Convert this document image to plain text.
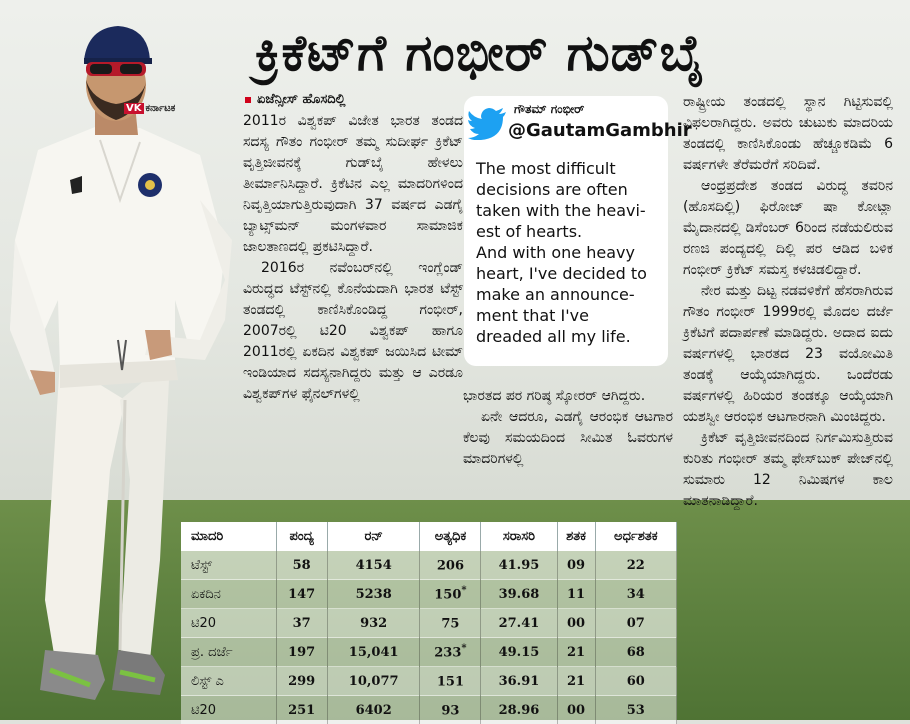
VK ಕರ್ನಾಟಕ
ಕ್ರಿಕೆಟ್‌ಗೆ ಗಂಭೀರ್ ಗುಡ್‌ಬೈ
ಏಜೆನ್ಸೀಸ್ ಹೊಸದಿಲ್ಲಿ

2011ರ ವಿಶ್ವಕಪ್ ವಿಜೇತ ಭಾರತ ತಂಡದ ಸದಸ್ಯ ಗೌತಂ ಗಂಭೀರ್ ತಮ್ಮ ಸುದೀರ್ಘ ಕ್ರಿಕೆಟ್ ವೃತ್ತಿಜೀವನಕ್ಕೆ ಗುಡ್‌ಬೈ ಹೇಳಲು ತೀರ್ಮಾನಿಸಿದ್ದಾರೆ. ಕ್ರಿಕೆಟಿನ ಎಲ್ಲ ಮಾದರಿಗಳಿಂದ ನಿವೃತ್ತಿಯಾಗುತ್ತಿರುವುದಾಗಿ 37 ವರ್ಷದ ಎಡಗೈ ಬ್ಯಾಟ್ಸ್‌ಮನ್ ಮಂಗಳವಾರ ಸಾಮಾಜಿಕ ಜಾಲತಾಣದಲ್ಲಿ ಪ್ರಕಟಿಸಿದ್ದಾರೆ.

2016ರ ನವೆಂಬರ್‌ನಲ್ಲಿ ಇಂಗ್ಲೆಂಡ್ ವಿರುದ್ಧದ ಟೆಸ್ಟ್‌ನಲ್ಲಿ ಕೊನೆಯದಾಗಿ ಭಾರತ ಟೆಸ್ಟ್ ತಂಡದಲ್ಲಿ ಕಾಣಿಸಿಕೊಂಡಿದ್ದ ಗಂಭೀರ್, 2007ರಲ್ಲಿ ಟಿ20 ವಿಶ್ವಕಪ್ ಹಾಗೂ 2011ರಲ್ಲಿ ಏಕದಿನ ವಿಶ್ವಕಪ್ ಜಯಿಸಿದ ಟೀಮ್ ಇಂಡಿಯಾದ ಸದಸ್ಯನಾಗಿದ್ದರು ಮತ್ತು ಆ ಎರಡೂ ವಿಶ್ವಕಪ್‌ಗಳ ಫೈನಲ್‌ಗಳಲ್ಲಿ

ಗೌತಮ್ ಗಂಭೀರ್
@GautamGambhir
The most difficult
decisions are often
taken with the heavi-
est of hearts.
And with one heavy
heart, I've decided to
make an announce-
ment that I've
dreaded all my life.

ಭಾರತದ ಪರ ಗರಿಷ್ಠ ಸ್ಕೋರರ್ ಆಗಿದ್ದರು.

ಏನೇ ಆದರೂ, ಎಡಗೈ ಆರಂಭಿಕ ಆಟಗಾರ ಕೆಲವು ಸಮಯದಿಂದ ಸೀಮಿತ ಓವರುಗಳ ಮಾದರಿಗಳಲ್ಲಿ

ರಾಷ್ಟ್ರೀಯ ತಂಡದಲ್ಲಿ ಸ್ಥಾನ ಗಿಟ್ಟಿಸುವಲ್ಲಿ ವಿಫಲರಾಗಿದ್ದರು. ಅವರು ಚುಟುಕು ಮಾದರಿಯ ತಂಡದಲ್ಲಿ ಕಾಣಿಸಿಕೊಂಡು ಹೆಚ್ಚೂಕಡಿಮೆ 6 ವರ್ಷಗಳೇ ತೆರೆಮರೆಗೆ ಸರಿದಿವೆ.

ಆಂಧ್ರಪ್ರದೇಶ ತಂಡದ ವಿರುದ್ಧ ತವರಿನ (ಹೊಸದಿಲ್ಲಿ) ಫಿರೋಜ್ ಷಾ ಕೋಟ್ಲಾ ಮೈದಾನದಲ್ಲಿ ಡಿಸೆಂಬರ್ 6ರಿಂದ ನಡೆಯಲಿರುವ ರಣಜಿ ಪಂದ್ಯದಲ್ಲಿ ದಿಲ್ಲಿ ಪರ ಆಡಿದ ಬಳಿಕ ಗಂಭೀರ್ ಕ್ರಿಕೆಟ್ ಸಮಸ್ತ ಕಳಚಿಡಲಿದ್ದಾರೆ.

ನೇರ ಮತ್ತು ದಿಟ್ಟ ನಡವಳಿಕೆಗೆ ಹೆಸರಾಗಿರುವ ಗೌತಂ ಗಂಭೀರ್ 1999ರಲ್ಲಿ ಮೊದಲ ದರ್ಜೆ ಕ್ರಿಕೆಟಿಗೆ ಪದಾರ್ಪಣೆ ಮಾಡಿದ್ದರು. ಅದಾದ ಐದು ವರ್ಷಗಳಲ್ಲಿ ಭಾರತದ 23 ವಯೋಮಿತಿ ತಂಡಕ್ಕೆ ಆಯ್ಕೆಯಾಗಿದ್ದರು. ಒಂದೆರಡು ವರ್ಷಗಳಲ್ಲಿ ಹಿರಿಯರ ತಂಡಕ್ಕೂ ಆಯ್ಕೆಯಾಗಿ ಯಶಸ್ವೀ ಆರಂಭಿಕ ಆಟಗಾರನಾಗಿ ಮಿಂಚಿದ್ದರು.

ಕ್ರಿಕೆಟ್ ವೃತ್ತಿಜೀವನದಿಂದ ನಿರ್ಗಮಿಸುತ್ತಿರುವ ಕುರಿತು ಗಂಭೀರ್ ತಮ್ಮ ಫೇಸ್‌ಬುಕ್ ಪೇಜ್‌ನಲ್ಲಿ ಸುಮಾರು 12 ನಿಮಿಷಗಳ ಕಾಲ ಮಾತನಾಡಿದ್ದಾರೆ.

ಮಾದರಿ	ಪಂದ್ಯ	ರನ್	ಅತ್ಯಧಿಕ	ಸರಾಸರಿ	ಶತಕ	ಅರ್ಧಶತಕ
ಟೆಸ್ಟ್	58	4154	206	41.95	09	22
ಏಕದಿನ	147	5238	150*	39.68	11	34
ಟಿ20	37	932	75	27.41	00	07
ಪ್ರ. ದರ್ಜೆ	197	15,041	233*	49.15	21	68
ಲಿಸ್ಟ್ ಎ	299	10,077	151	36.91	21	60
ಟಿ20	251	6402	93	28.96	00	53
